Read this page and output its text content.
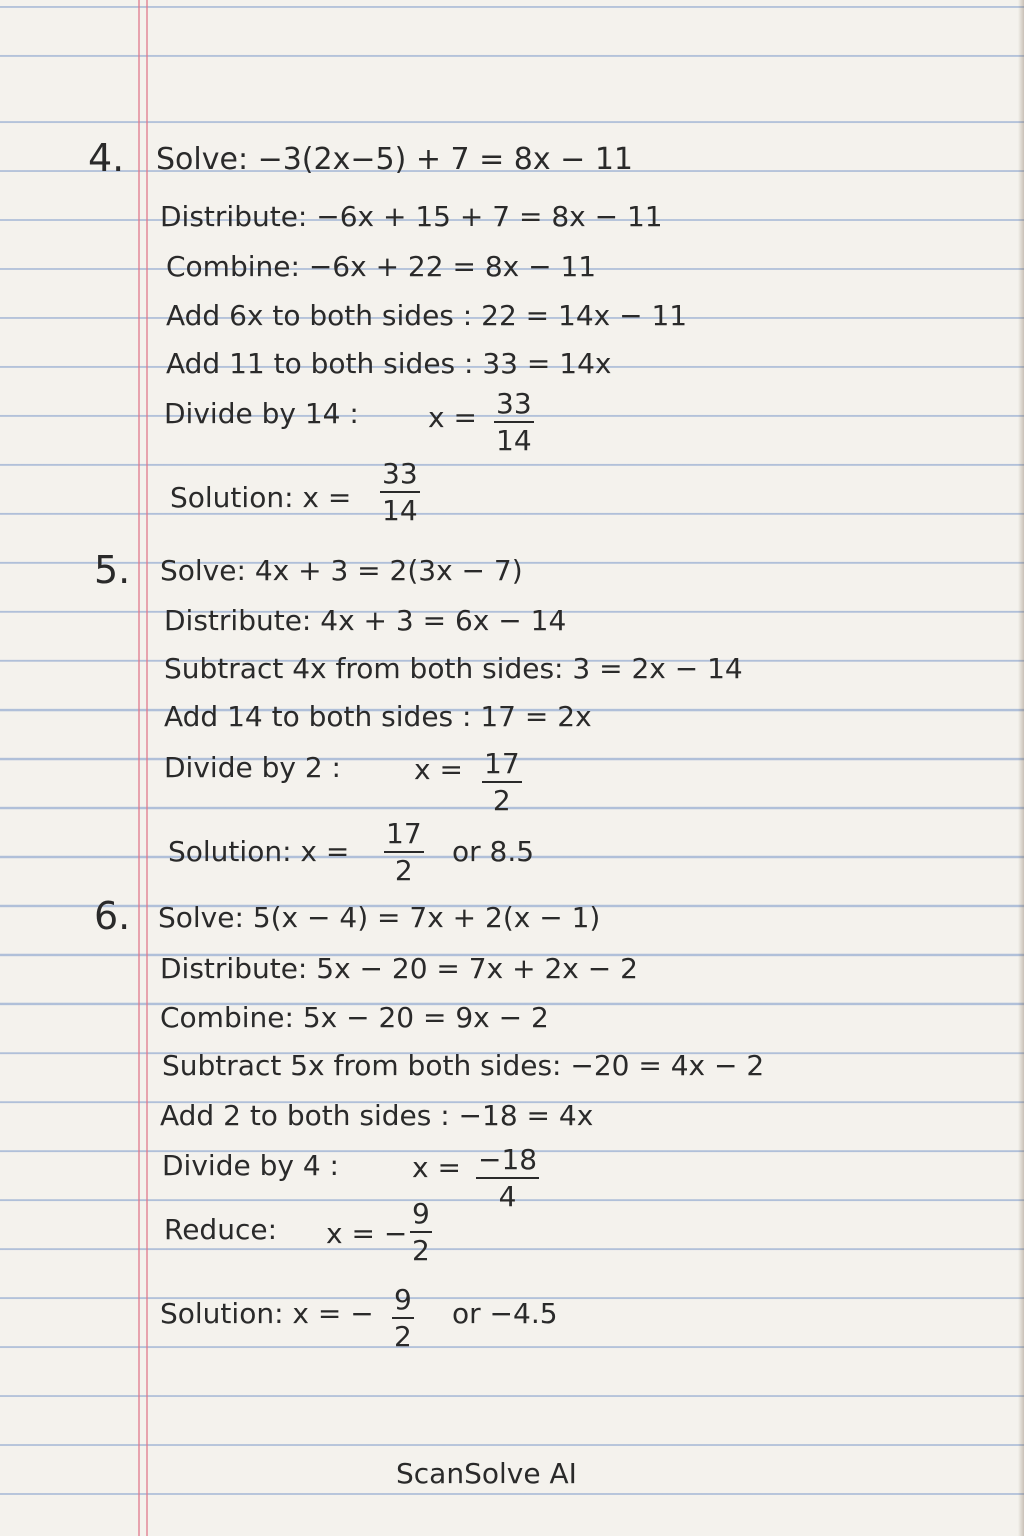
4. Solve: −3(2x−5) + 7 = 8x − 11
Distribute: −6x + 15 + 7 = 8x − 11
Combine: −6x + 22 = 8x − 11
Add 6x to both sides : 22 = 14x − 11
Add 11 to both sides : 33 = 14x
Divide by 14 : $x = \frac{33}{14}$
Solution: $x = \frac{33}{14}$
5. Solve: 4x + 3 = 2(3x − 7)
Distribute: 4x + 3 = 6x − 14
Subtract 4x from both sides: 3 = 2x − 14
Add 14 to both sides : 17 = 2x
Divide by 2 :	$x = \frac{17}{2}$
Solution: $x = \frac{17}{2}$ or 8.5
6. Solve: 5(x − 4) = 7x + 2(x − 1)
Distribute: 5x − 20 = 7x + 2x − 2
Combine: 5x − 20 = 9x − 2
Subtract 5x from both sides: −20 = 4x − 2
Add 2 to both sides : −18 = 4x
Divide by 4 :	$x = \frac{-18}{4}$
Reduce: x = − $\frac{9}{2}$
Solution: x = − $\frac{9}{2}$ or −4.5
ScanSolve AI
